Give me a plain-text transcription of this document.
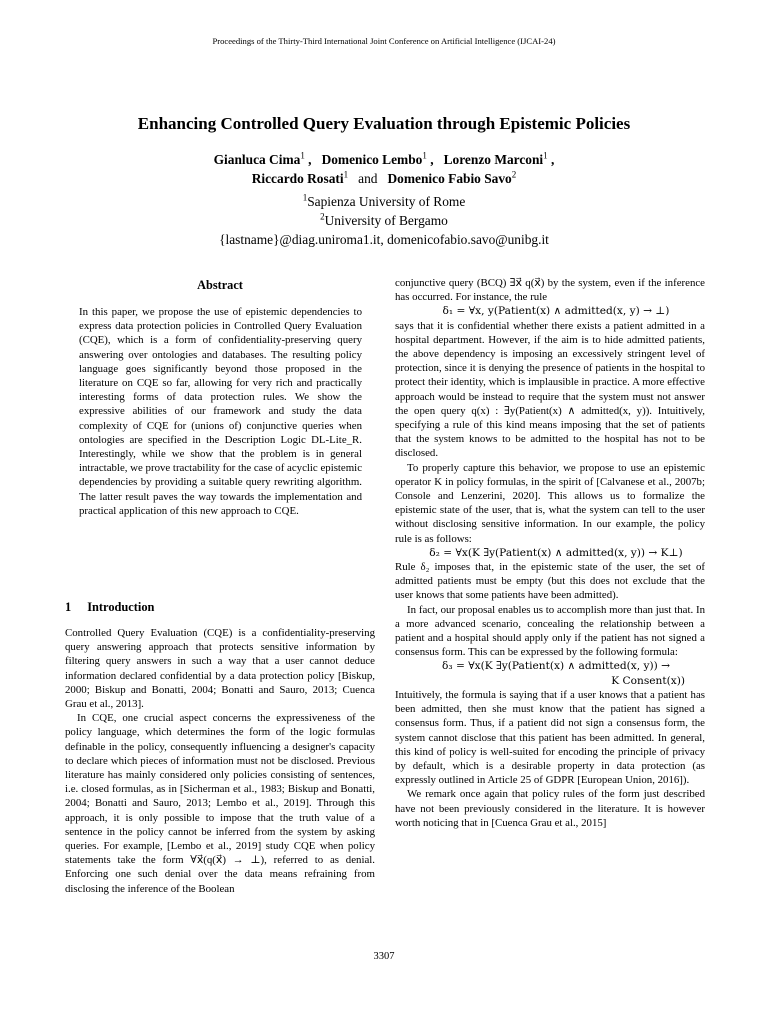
Proceedings of the Thirty-Third International Joint Conference on Artificial Intelligence (IJCAI-24)
Enhancing Controlled Query Evaluation through Epistemic Policies
Gianluca Cima$^1$ , Domenico Lembo$^1$ , Lorenzo Marconi$^1$ ,
Riccardo Rosati$^1$ and Domenico Fabio Savo$^2$
$^1$Sapienza University of Rome
$^2$University of Bergamo
{lastname}@diag.uniroma1.it, domenicofabio.savo@unibg.it
Abstract

In this paper, we propose the use of epistemic dependencies to express data protection policies in Controlled Query Evaluation (CQE), which is a form of confidentiality-preserving query answering over ontologies and databases. The resulting policy language goes significantly beyond those proposed in the literature on CQE so far, allowing for very rich and practically interesting forms of data protection rules. We show the expressive abilities of our framework and study the data complexity of CQE for (unions of) conjunctive queries when ontologies are specified in the Description Logic DL-Lite_R. Interestingly, while we show that the problem is in general intractable, we prove tractability for the case of acyclic epistemic dependencies by providing a suitable query rewriting algorithm. The latter result paves the way towards the implementation and practical application of this new approach to CQE.

1 Introduction

Controlled Query Evaluation (CQE) is a confidentiality-preserving query answering approach that protects sensitive information by filtering query answers in such a way that a user cannot deduce information declared confidential by a data protection policy [Biskup, 2000; Biskup and Bonatti, 2004; Bonatti and Sauro, 2013; Cuenca Grau et al., 2013].

In CQE, one crucial aspect concerns the expressiveness of the policy language, which determines the form of the logic formulas definable in the policy, consequently influencing a designer's capacity to declare which pieces of information must not be disclosed. Previous literature has mainly considered only policies consisting of sentences, i.e. closed formulas, as in [Sicherman et al., 1983; Biskup and Bonatti, 2004; Bonatti and Sauro, 2013; Lembo et al., 2019]. Through this approach, it is only possible to impose that the truth value of a sentence in the policy cannot be inferred from the system by asking queries. For example, [Lembo et al., 2019] study CQE when policy statements take the form ∀x⃗(q(x⃗) → ⊥), referred to as denial. Enforcing one such denial over the data means refraining from disclosing the inference of the Boolean

conjunctive query (BCQ) ∃x⃗ q(x⃗) by the system, even if the inference has occurred. For instance, the rule

δ₁ = ∀x, y(Patient(x) ∧ admitted(x, y) → ⊥)

says that it is confidential whether there exists a patient admitted in a hospital department. However, if the aim is to hide admitted patients, the above dependency is imposing an excessively stringent level of protection, since it is denying the presence of patients in the hospital to protect their identity, which is implausible in practice. A more effective approach would be instead to require that the system must not answer the open query q(x) : ∃y(Patient(x) ∧ admitted(x, y)). Intuitively, specifying a rule of this kind means imposing that the set of patients that the system knows to be admitted to the hospital has not to be disclosed.

To properly capture this behavior, we propose to use an epistemic operator K in policy formulas, in the spirit of [Calvanese et al., 2007b; Console and Lenzerini, 2020]. This allows us to formalize the epistemic state of the user, that is, what the system can tell to the user without disclosing sensitive information. In our example, the policy rule is as follows:

δ₂ = ∀x(K ∃y(Patient(x) ∧ admitted(x, y)) → K⊥)

Rule δ₂ imposes that, in the epistemic state of the user, the set of admitted patients must be empty (but this does not exclude that the user knows that some patients have been admitted).

In fact, our proposal enables us to accomplish more than just that. In a more advanced scenario, concealing the relationship between a patient and a hospital should apply only if the patient has not signed a consensus form. This can be expressed by the following formula:

δ₃ = ∀x(K ∃y(Patient(x) ∧ admitted(x, y)) →

K Consent(x))

Intuitively, the formula is saying that if a user knows that a patient has been admitted, then she must know that the patient has signed a consensus form. Thus, if a patient did not sign a consensus form, the system cannot disclose that this patient has been admitted. In general, this kind of policy is well-suited for encoding the principle of privacy by default, which is a desirable property in data protection (as expressly outlined in Article 25 of GDPR [European Union, 2016]).

We remark once again that policy rules of the form just described have not been previously considered in the literature. It is however worth noticing that in [Cuenca Grau et al., 2015]

3307
